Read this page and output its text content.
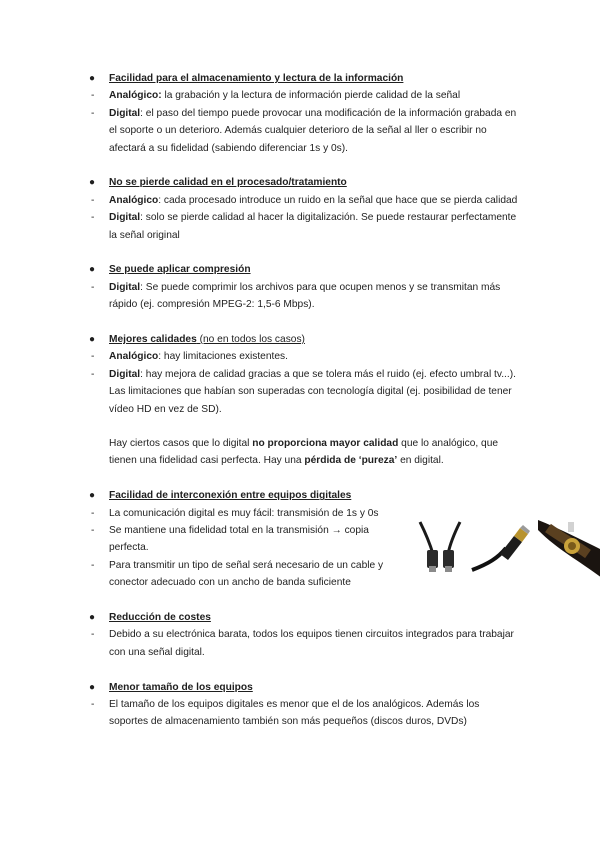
● Facilidad para el almacenamiento y lectura de la información
- Analógico: la grabación y la lectura de información pierde calidad de la señal
- Digital: el paso del tiempo puede provocar una modificación de la información grabada en el soporte o un deterioro. Además cualquier deterioro de la señal al ller o escribir no afectará a su fidelidad (sabiendo diferenciar 1s y 0s).
● No se pierde calidad en el procesado/tratamiento
- Analógico: cada procesado introduce un ruido en la señal que hace que se pierda calidad
- Digital: solo se pierde calidad al hacer la digitalización. Se puede restaurar perfectamente la señal original
● Se puede aplicar compresión
- Digital: Se puede comprimir los archivos para que ocupen menos y se transmitan más rápido (ej. compresión MPEG-2: 1,5-6 Mbps).
● Mejores calidades (no en todos los casos)
- Analógico: hay limitaciones existentes.
- Digital: hay mejora de calidad gracias a que se tolera más el ruido (ej. efecto umbral tv...). Las limitaciones que habían son superadas con tecnología digital (ej. posibilidad de tener vídeo HD en vez de SD).
Hay ciertos casos que lo digital no proporciona mayor calidad que lo analógico, que tienen una fidelidad casi perfecta. Hay una pérdida de ‘pureza’ en digital.
● Facilidad de interconexión entre equipos digitales
- La comunicación digital es muy fácil: transmisión de 1s y 0s
- Se mantiene una fidelidad total en la transmisión → copia perfecta.
- Para transmitir un tipo de señal será necesario de un cable y conector adecuado con un ancho de banda suficiente
● Reducción de costes
- Debido a su electrónica barata, todos los equipos tienen circuitos integrados para trabajar con una señal digital.
● Menor tamaño de los equipos
- El tamaño de los equipos digitales es menor que el de los analógicos. Además los soportes de almacenamiento también son más pequeños (discos duros, DVDs)
